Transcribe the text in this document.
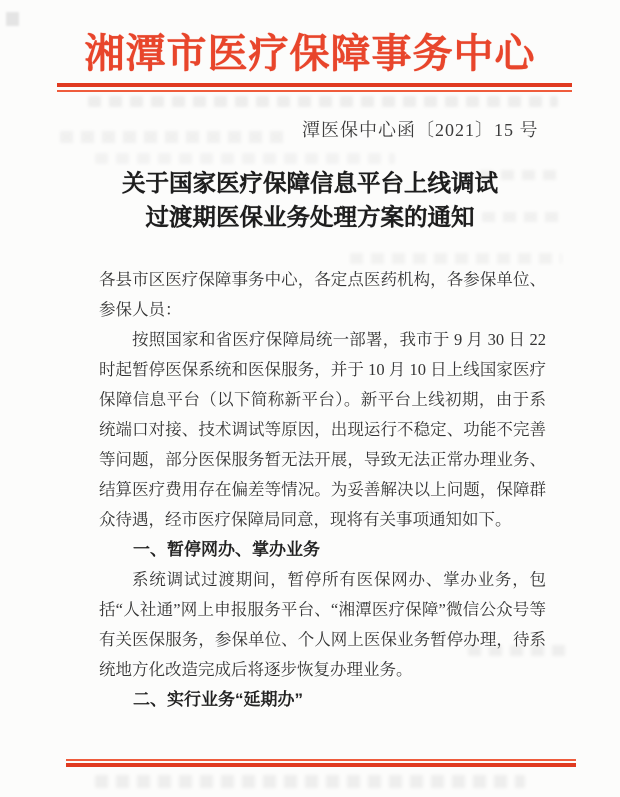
湘潭市医疗保障事务中心
潭医保中心函〔2021〕15 号
关于国家医疗保障信息平台上线调试
过渡期医保业务处理方案的通知

各县市区医疗保障事务中心，各定点医药机构，各参保单位、参保人员：

按照国家和省医疗保障局统一部署，我市于 9 月 30 日 22 时起暂停医保系统和医保服务，并于 10 月 10 日上线国家医疗保障信息平台（以下简称新平台）。新平台上线初期，由于系统端口对接、技术调试等原因，出现运行不稳定、功能不完善等问题，部分医保服务暂无法开展，导致无法正常办理业务、结算医疗费用存在偏差等情况。为妥善解决以上问题，保障群众待遇，经市医疗保障局同意，现将有关事项通知如下。

一、暂停网办、掌办业务

系统调试过渡期间，暂停所有医保网办、掌办业务，包括“人社通”网上申报服务平台、“湘潭医疗保障”微信公众号等有关医保服务，参保单位、个人网上医保业务暂停办理，待系统地方化改造完成后将逐步恢复办理业务。

二、实行业务“延期办”
